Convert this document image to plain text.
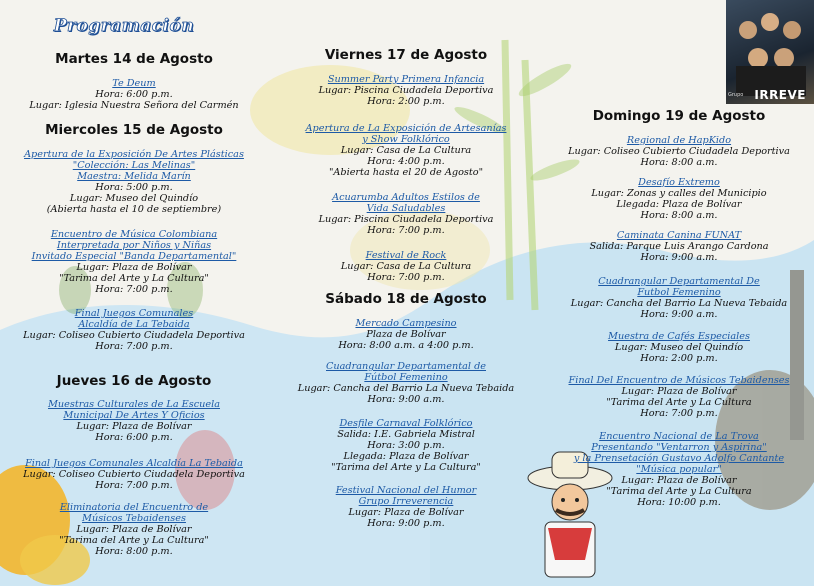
Grupo IRREVE
Programación
Martes 14 de Agosto
Te Deum
Hora: 6:00 p.m.
Lugar: Iglesia Nuestra Señora del Carmén
Miercoles 15 de Agosto
Apertura de la Exposición De Artes Plásticas
"Colección: Las Melinas"
Maestra: Melida Marín
Hora: 5:00 p.m.
Lugar: Museo del Quindío
(Abierta hasta el 10 de septiembre)
Encuentro de Música Colombiana
Interpretada por Niños y Niñas
Invitado Especial "Banda Departamental"
Lugar: Plaza de Bolívar
"Tarima del Arte y La Cultura"
Hora: 7:00 p.m.
Final Juegos Comunales
Alcaldía de La Tebaida
Lugar: Coliseo Cubierto Ciudadela Deportiva
Hora: 7:00 p.m.
Jueves 16 de Agosto
Muestras Culturales de La Escuela
Municipal De Artes Y Oficios
Lugar: Plaza de Bolívar
Hora: 6:00 p.m.
Final Juegos Comunales Alcaldía La Tebaida
Lugar: Coliseo Cubierto Ciudadela Deportiva
Hora: 7:00 p.m.
Eliminatoria del Encuentro de
Músicos Tebaidenses
Lugar: Plaza de Bolívar
"Tarima del Arte y La Cultura"
Hora: 8:00 p.m.
Viernes 17 de Agosto
Summer Party Primera Infancia
Lugar: Piscina Ciudadela Deportiva
Hora: 2:00 p.m.
Apertura de La Exposición de Artesanías
y Show Folklórico
Lugar: Casa de La Cultura
Hora: 4:00 p.m.
"Abierta hasta el 20 de Agosto"
Acuarumba Adultos Estilos de
Vida Saludables
Lugar: Piscina Ciudadela Deportiva
Hora: 7:00 p.m.
Festival de Rock
Lugar: Casa de La Cultura
Hora: 7:00 p.m.
Sábado 18 de Agosto
Mercado Campesino
Plaza de Bolívar
Hora: 8:00 a.m. a 4:00 p.m.
Cuadrangular Departamental de
Fútbol Femenino
Lugar: Cancha del Barrio La Nueva Tebaida
Hora: 9:00 a.m.
Desfile Carnaval Folklórico
Salida: I.E. Gabriela Mistral
Hora: 3:00 p.m.
Llegada: Plaza de Bolívar
"Tarima del Arte y La Cultura"
Festival Nacional del Humor
Grupo Irreverencia
Lugar: Plaza de Bolívar
Hora: 9:00 p.m.
Domingo 19 de Agosto
Regional de HapKido
Lugar: Coliseo Cubierto Ciudadela Deportiva
Hora: 8:00 a.m.
Desafío Extremo
Lugar: Zonas y calles del Municipio
Llegada: Plaza de Bolívar
Hora: 8:00 a.m.
Caminata Canina FUNAT
Salida: Parque Luis Arango Cardona
Hora: 9:00 a.m.
Cuadrangular Departamental De
Futbol Femenino
Lugar: Cancha del Barrio La Nueva Tebaida
Hora: 9:00 a.m.
Muestra de Cafés Especiales
Lugar: Museo del Quindío
Hora: 2:00 p.m.
Final Del Encuentro de Músicos Tebaidenses
Lugar: Plaza de Bolívar
"Tarima del Arte y La Cultura
Hora: 7:00 p.m.
Encuentro Nacional de La Trova
Presentando "Ventarron y Aspirina"
y la Prensetación Gustavo Adolfo Cantante
"Música popular"
Lugar: Plaza de Bolívar
"Tarima del Arte y La Cultura
Hora: 10:00 p.m.
